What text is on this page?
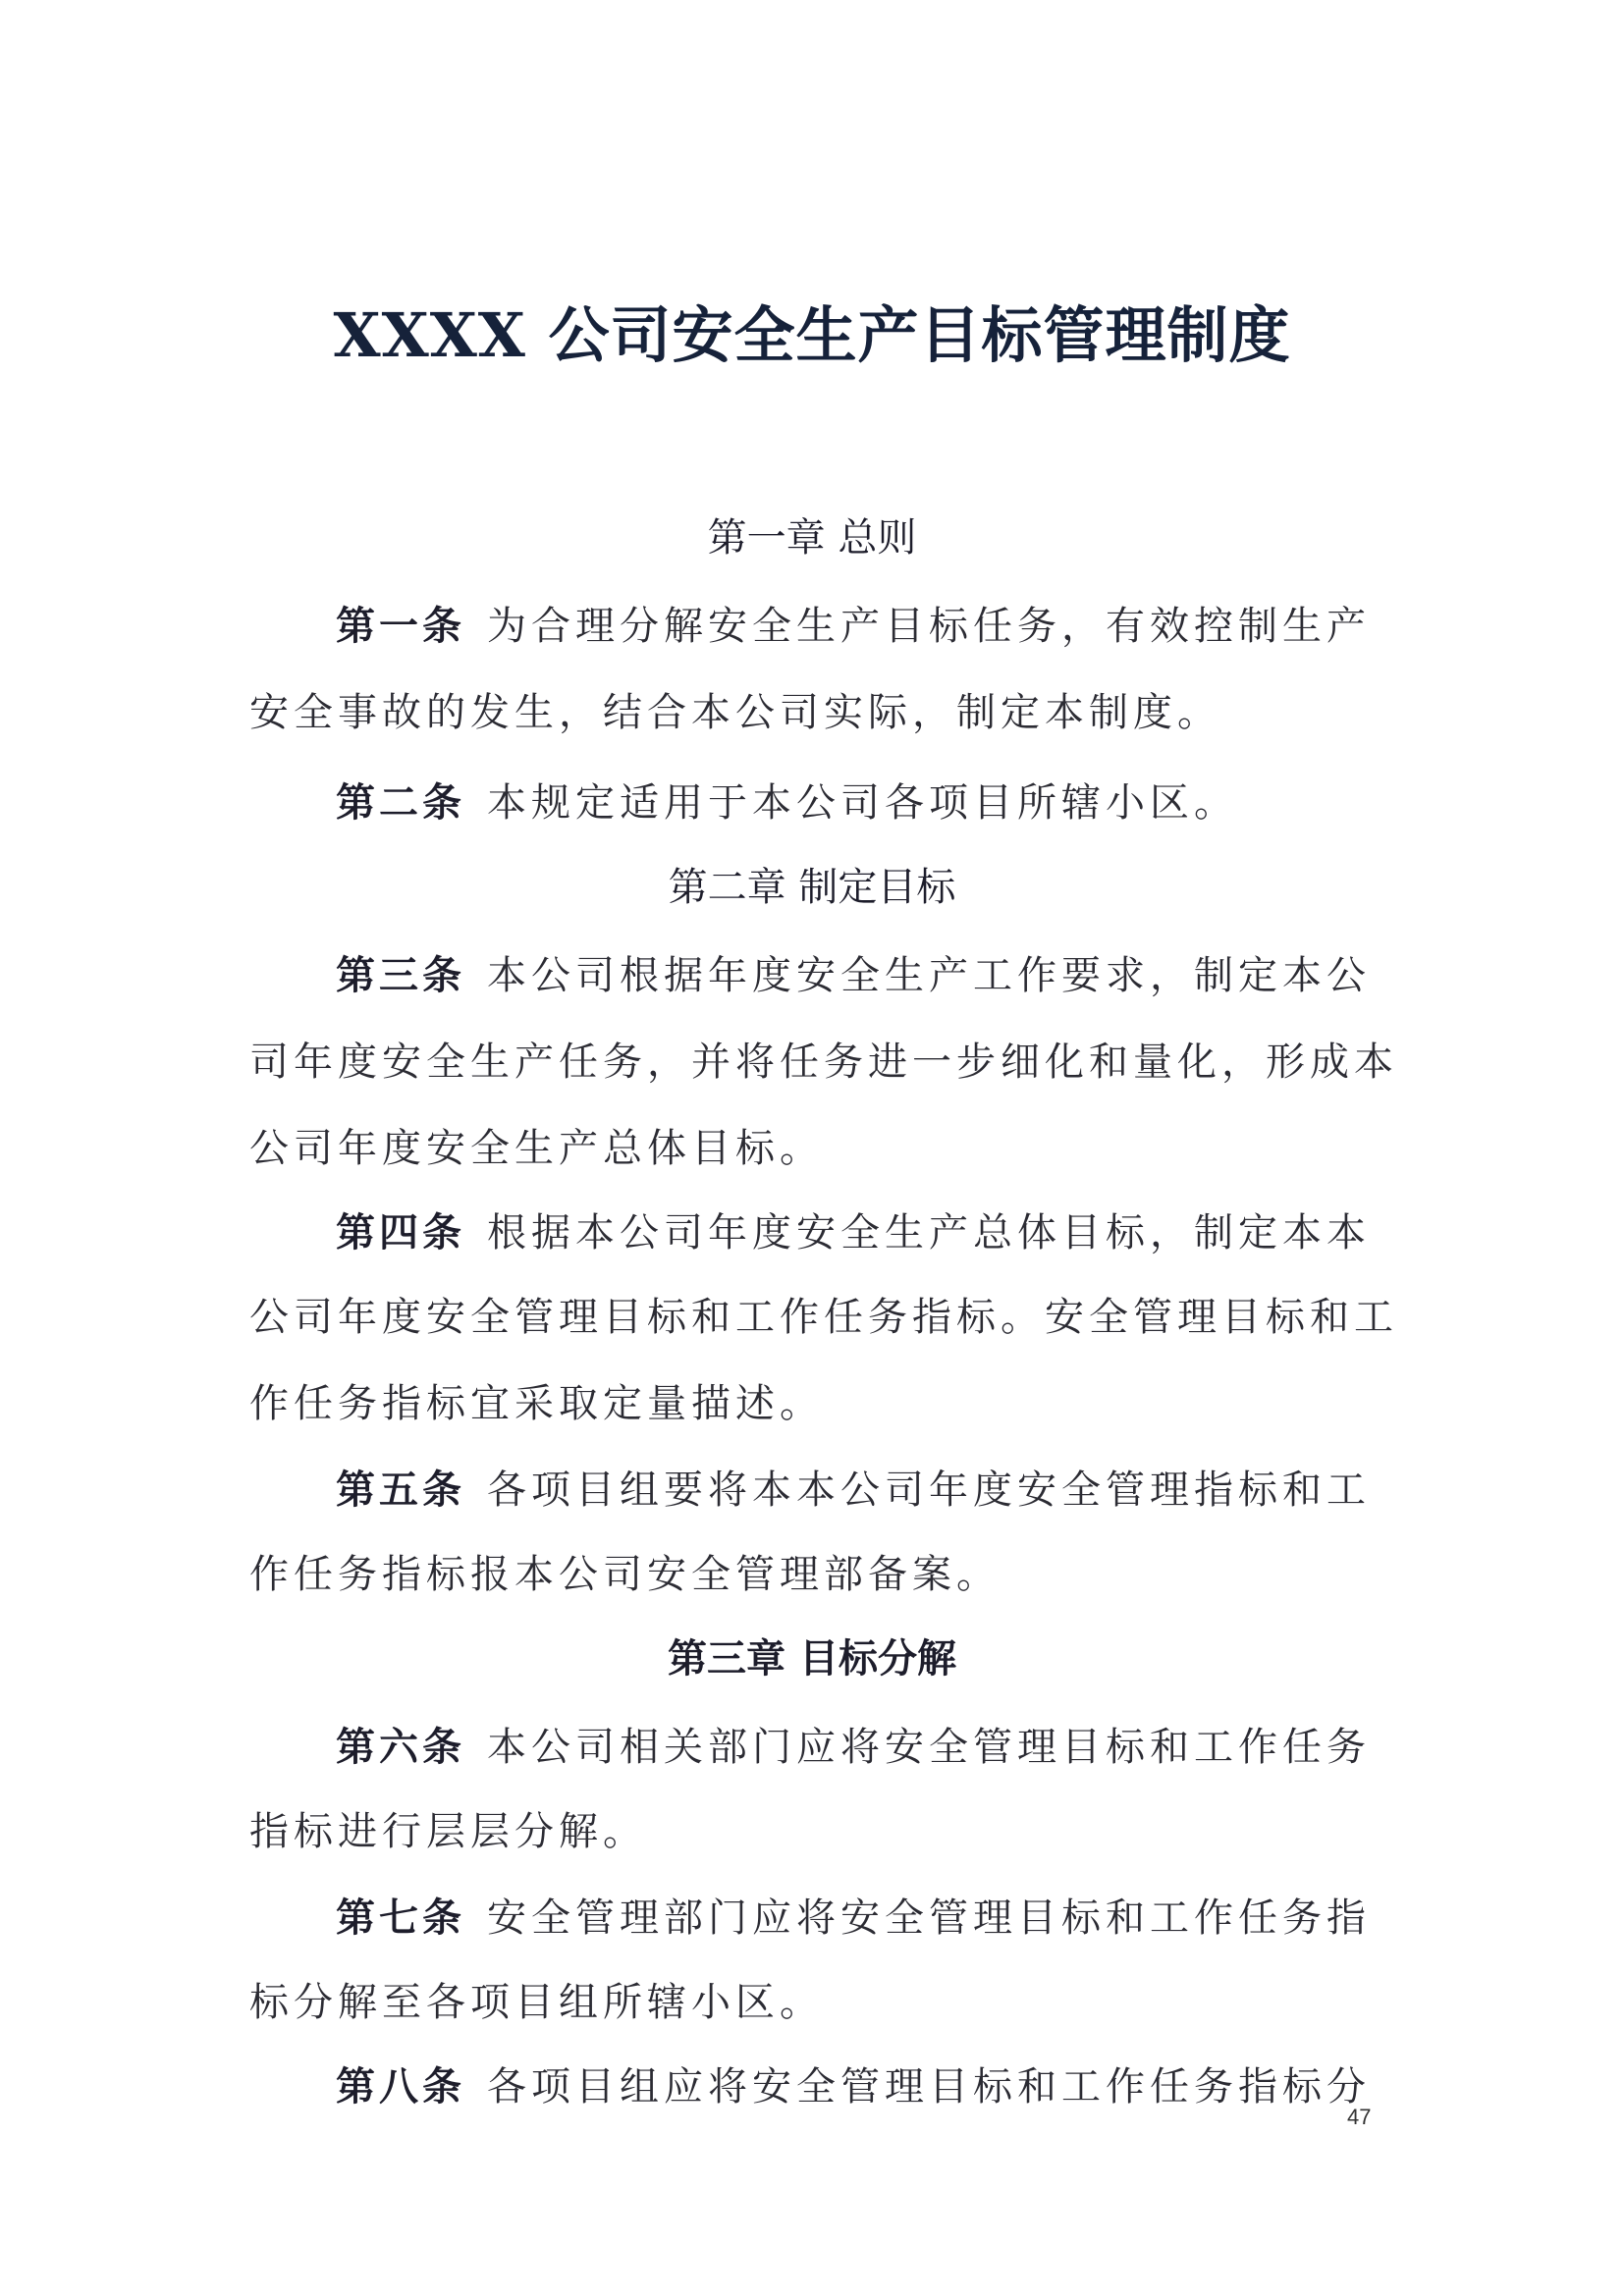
XXXX 公司安全生产目标管理制度
第一章 总则
第一条 为合理分解安全生产目标任务，有效控制生产
安全事故的发生，结合本公司实际，制定本制度。
第二条 本规定适用于本公司各项目所辖小区。
第二章 制定目标
第三条 本公司根据年度安全生产工作要求，制定本公
司年度安全生产任务，并将任务进一步细化和量化，形成本
公司年度安全生产总体目标。
第四条 根据本公司年度安全生产总体目标，制定本本
公司年度安全管理目标和工作任务指标。安全管理目标和工
作任务指标宜采取定量描述。
第五条 各项目组要将本本公司年度安全管理指标和工
作任务指标报本公司安全管理部备案。
第三章 目标分解
第六条 本公司相关部门应将安全管理目标和工作任务
指标进行层层分解。
第七条 安全管理部门应将安全管理目标和工作任务指
标分解至各项目组所辖小区。
第八条 各项目组应将安全管理目标和工作任务指标分
47
